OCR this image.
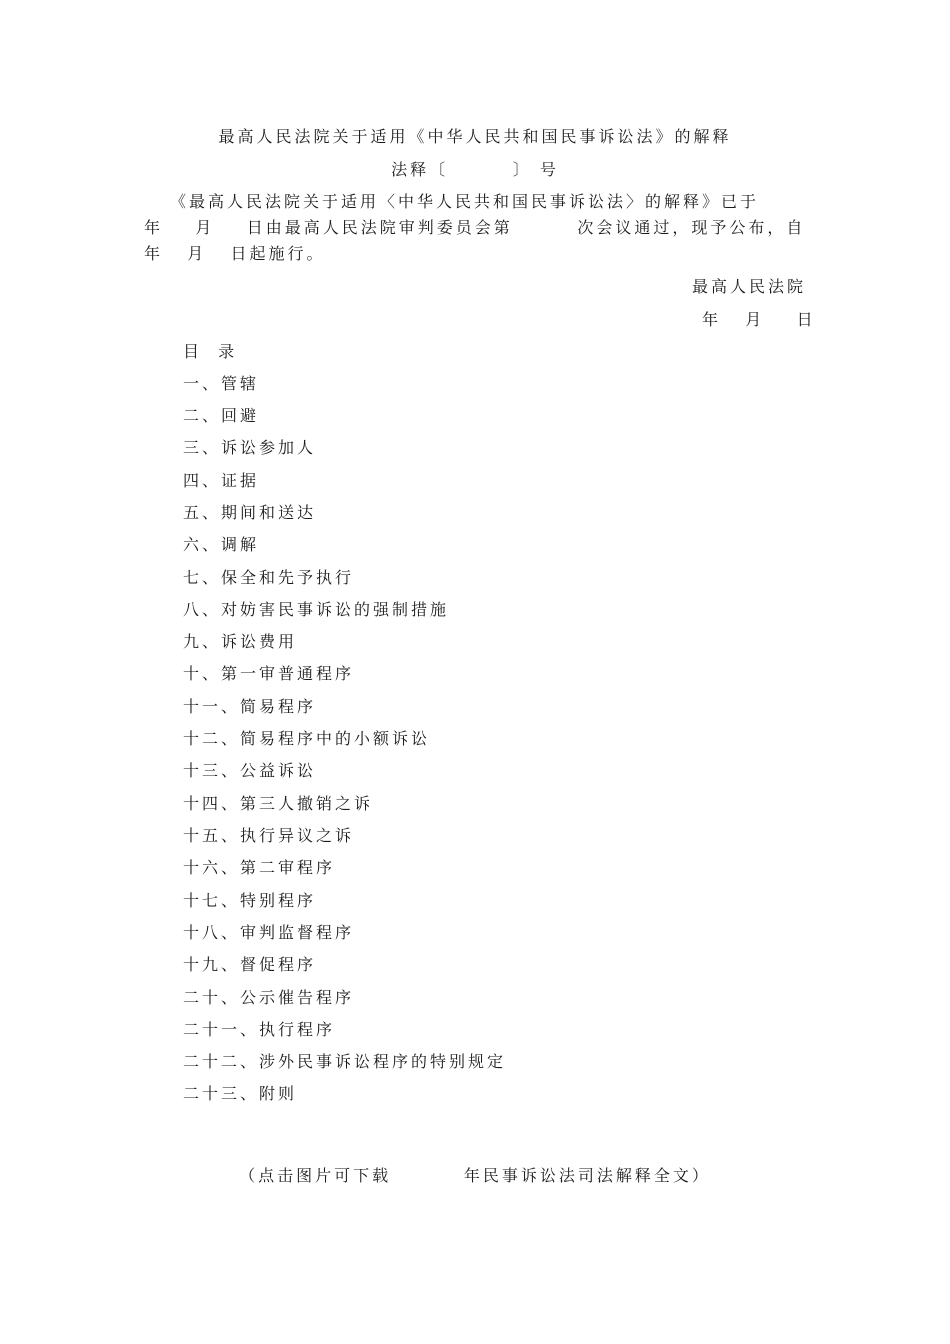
最高人民法院关于适用《中华人民共和国民事诉讼法》的解释
法释〔        〕 号
《最高人民法院关于适用〈中华人民共和国民事诉讼法〉的解释》已于
年    月    日由最高人民法院审判委员会第        次会议通过，现予公布，自
年   月   日起施行。
最高人民法院
年   月    日
目  录
一、管辖
二、回避
三、诉讼参加人
四、证据
五、期间和送达
六、调解
七、保全和先予执行
八、对妨害民事诉讼的强制措施
九、诉讼费用
十、第一审普通程序
十一、简易程序
十二、简易程序中的小额诉讼
十三、公益诉讼
十四、第三人撤销之诉
十五、执行异议之诉
十六、第二审程序
十七、特别程序
十八、审判监督程序
十九、督促程序
二十、公示催告程序
二十一、执行程序
二十二、涉外民事诉讼程序的特别规定
二十三、附则
（点击图片可下载         年民事诉讼法司法解释全文）
